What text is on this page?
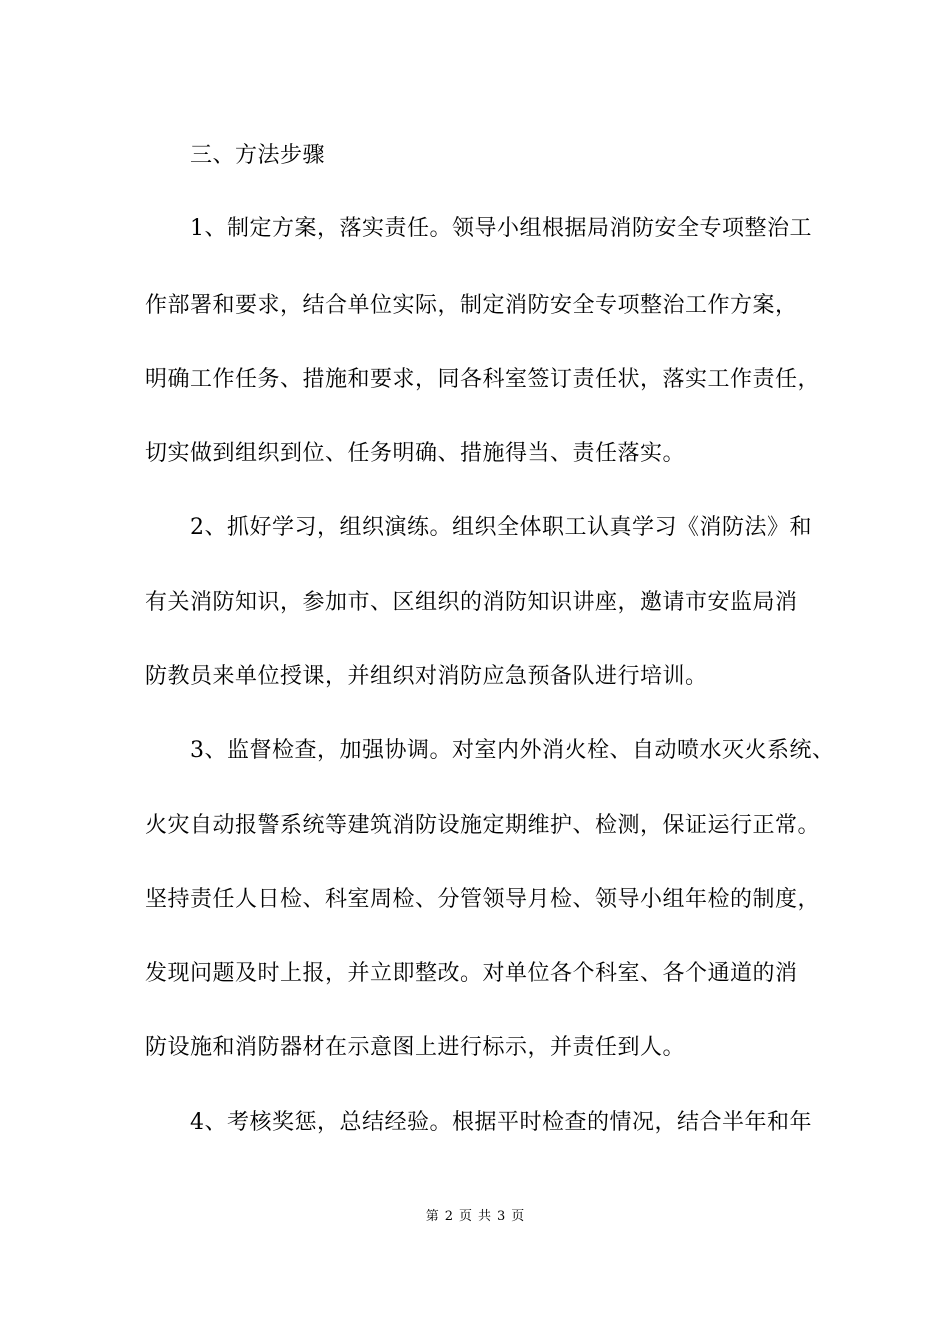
三、方法步骤
1、制定方案，落实责任。领导小组根据局消防安全专项整治工
作部署和要求，结合单位实际，制定消防安全专项整治工作方案，
明确工作任务、措施和要求，同各科室签订责任状，落实工作责任，
切实做到组织到位、任务明确、措施得当、责任落实。
2、抓好学习，组织演练。组织全体职工认真学习《消防法》和
有关消防知识，参加市、区组织的消防知识讲座，邀请市安监局消
防教员来单位授课，并组织对消防应急预备队进行培训。
3、监督检查，加强协调。对室内外消火栓、自动喷水灭火系统、
火灾自动报警系统等建筑消防设施定期维护、检测，保证运行正常。
坚持责任人日检、科室周检、分管领导月检、领导小组年检的制度，
发现问题及时上报，并立即整改。对单位各个科室、各个通道的消
防设施和消防器材在示意图上进行标示，并责任到人。
4、考核奖惩，总结经验。根据平时检查的情况，结合半年和年
第 2 页 共 3 页
